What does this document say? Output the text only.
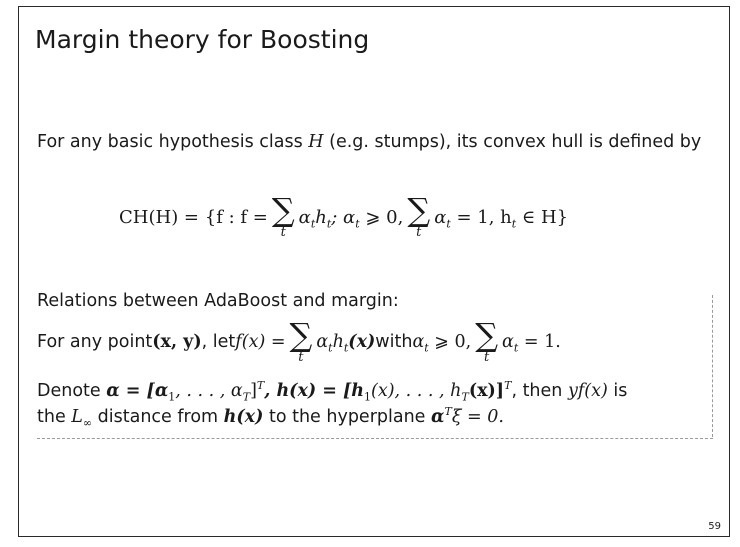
Margin theory for Boosting
For any basic hypothesis class H (e.g. stumps), its convex hull is defined by
CH(H) = {f : f = ∑
t
$\alpha_th_t$; $\alpha_t$ ⩾ 0, ∑
t
$\alpha_t = 1$, $h_t$ ∈ H}
Relations between AdaBoost and margin:
For any point (x, y) , let f(x) = ∑
t
$\alpha_th_t(x)$ with $\alpha_t$ ⩾ 0, ∑
t
$\alpha_t = 1$.
Denote $\alpha = [\alpha_1$, . . . , $\alpha_T]^T$, $h(x) = [h_1(x)$, . . . , $h_T(x)]^T$, then yf(x) is
the $L_\infty$ distance from h(x) to the hyperplane $\alpha^T\xi = 0$.
59
